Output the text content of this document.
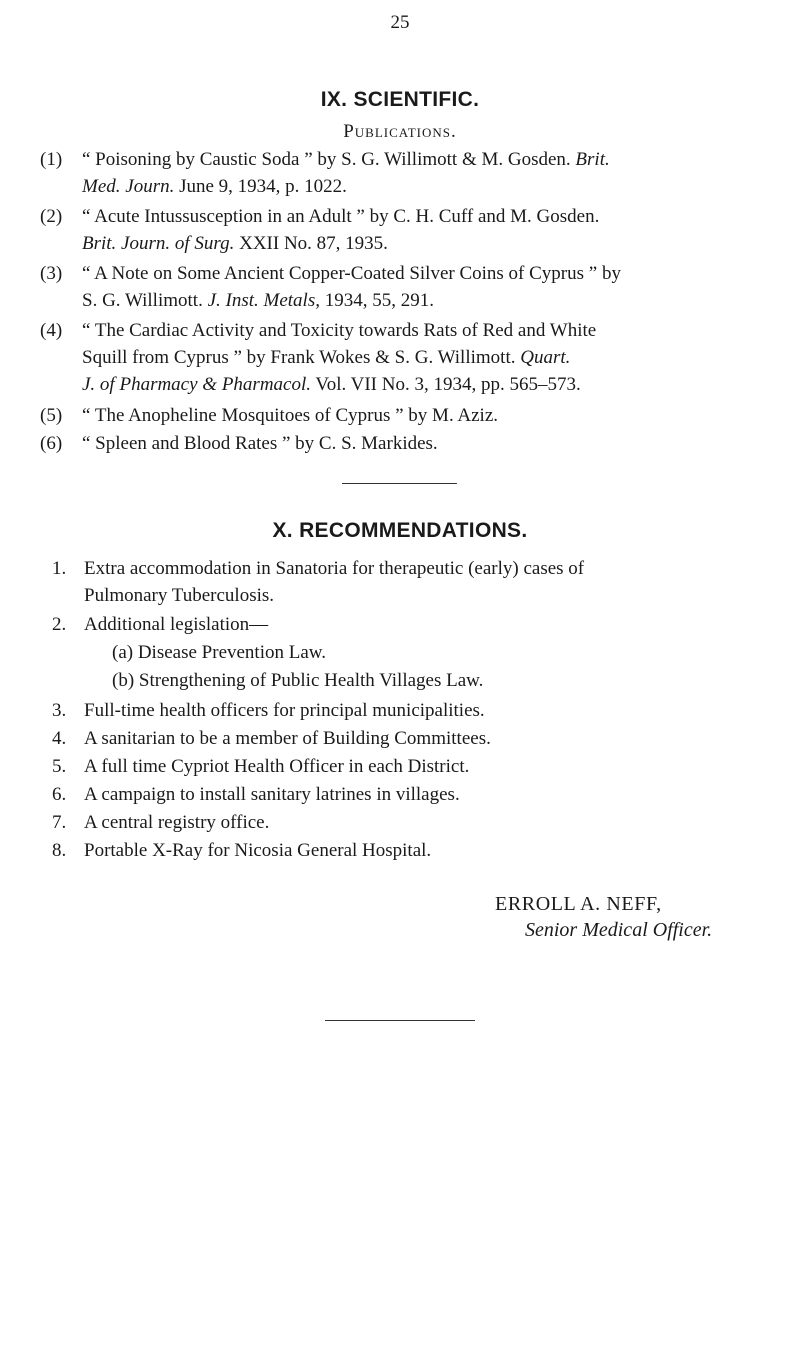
25
IX. SCIENTIFIC.
Publications.
(1) “ Poisoning by Caustic Soda ” by S. G. Willimott & M. Gosden. Brit.
Med. Journ. June 9, 1934, p. 1022.
(2) “ Acute Intussusception in an Adult ” by C. H. Cuff and M. Gosden.
Brit. Journ. of Surg. XXII No. 87, 1935.
(3) “ A Note on Some Ancient Copper-Coated Silver Coins of Cyprus ” by
S. G. Willimott. J. Inst. Metals, 1934, 55, 291.
(4) “ The Cardiac Activity and Toxicity towards Rats of Red and White
Squill from Cyprus ” by Frank Wokes & S. G. Willimott. Quart.
J. of Pharmacy & Pharmacol. Vol. VII No. 3, 1934, pp. 565–573.
(5) “ The Anopheline Mosquitoes of Cyprus ” by M. Aziz.
(6) “ Spleen and Blood Rates ” by C. S. Markides.
X. RECOMMENDATIONS.
1. Extra accommodation in Sanatoria for therapeutic (early) cases of
Pulmonary Tuberculosis.
2. Additional legislation—
(a) Disease Prevention Law.
(b) Strengthening of Public Health Villages Law.
3. Full-time health officers for principal municipalities.
4. A sanitarian to be a member of Building Committees.
5. A full time Cypriot Health Officer in each District.
6. A campaign to install sanitary latrines in villages.
7. A central registry office.
8. Portable X-Ray for Nicosia General Hospital.
ERROLL A. NEFF,
Senior Medical Officer.
